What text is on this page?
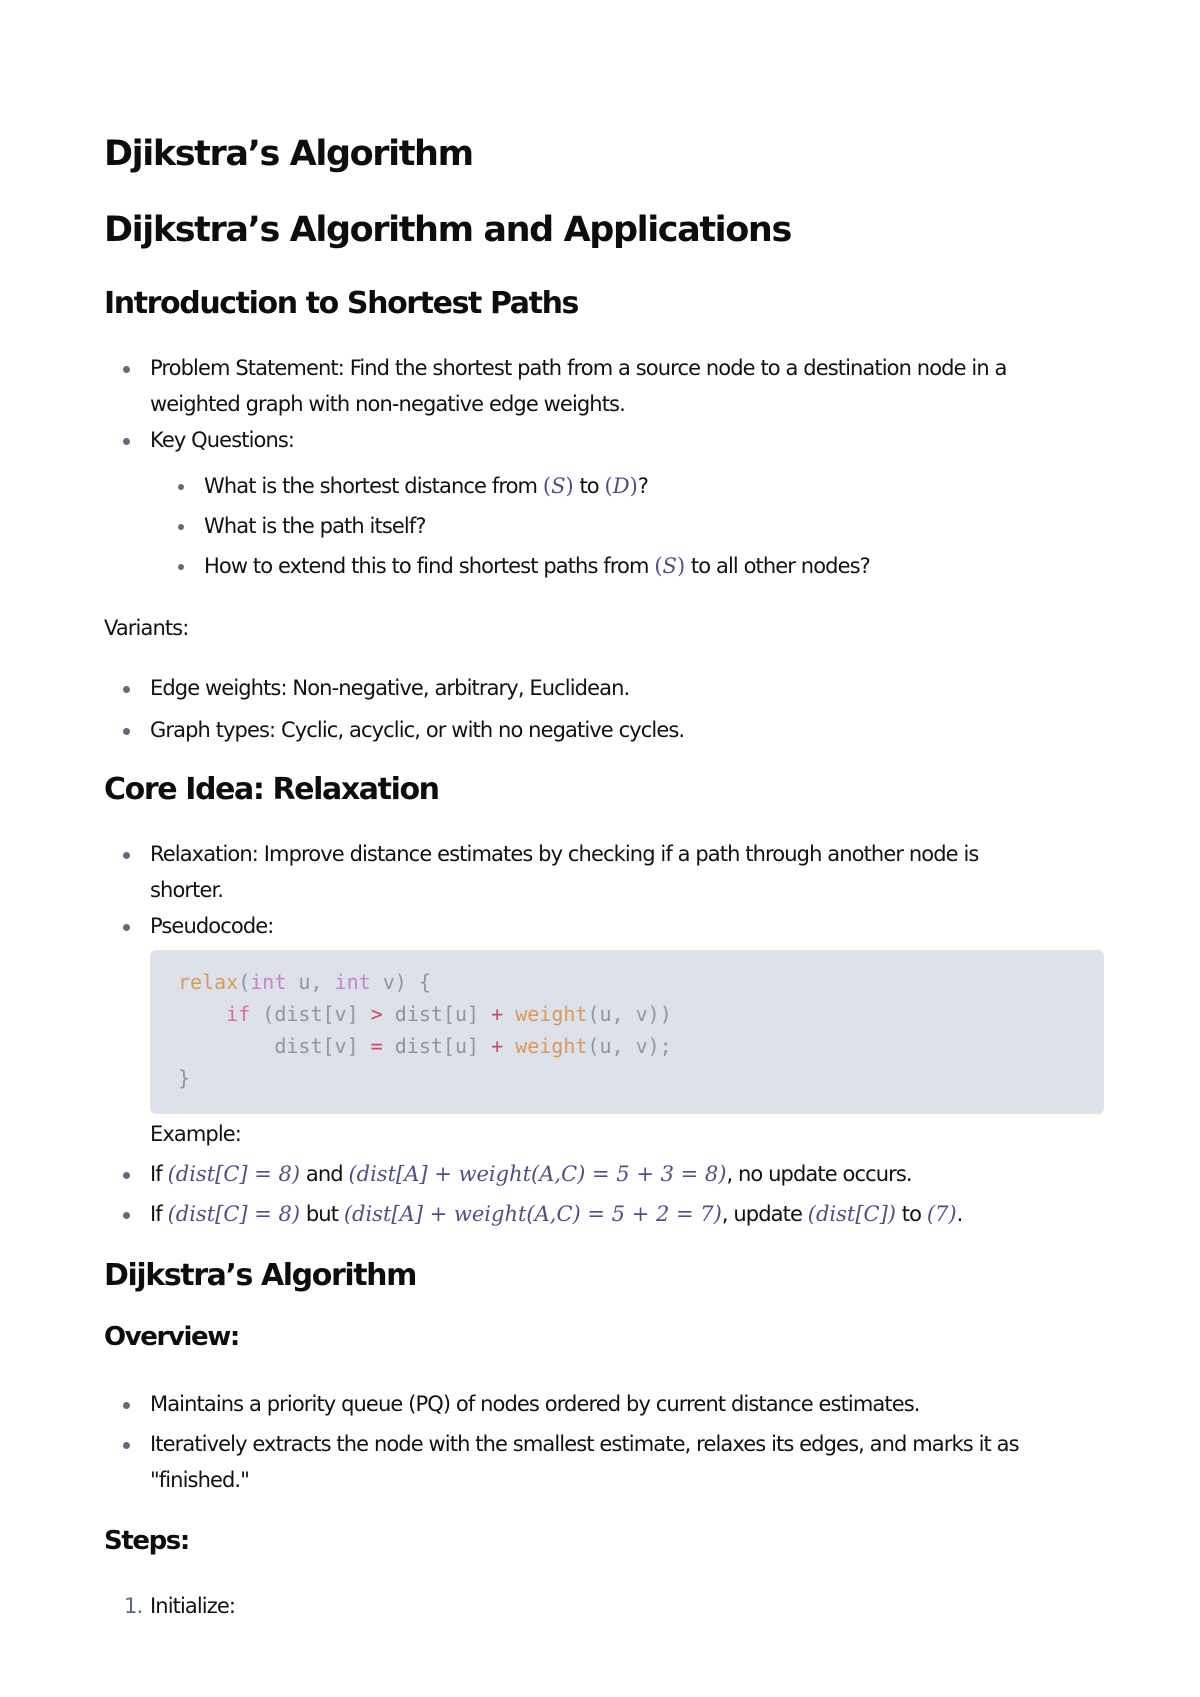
Djikstra’s Algorithm
Dijkstra’s Algorithm and Applications
Introduction to Shortest Paths
Problem Statement: Find the shortest path from a source node to a destination node in a
weighted graph with non-negative edge weights.
Key Questions:
What is the shortest distance from (S) to (D)?
What is the path itself?
How to extend this to find shortest paths from (S) to all other nodes?

Variants:

Edge weights: Non-negative, arbitrary, Euclidean.
Graph types: Cyclic, acyclic, or with no negative cycles.
Core Idea: Relaxation
Relaxation: Improve distance estimates by checking if a path through another node is
shorter.
Pseudocode:
relax(int u, int v) {
if (dist[v] > dist[u] + weight(u, v))
dist[v] = dist[u] + weight(u, v);
}

Example:

If (dist[C] = 8) and (dist[A] + weight(A,C) = 5 + 3 = 8), no update occurs.
If (dist[C] = 8) but (dist[A] + weight(A,C) = 5 + 2 = 7), update (dist[C]) to (7).
Dijkstra’s Algorithm
Overview:
Maintains a priority queue (PQ) of nodes ordered by current distance estimates.
Iteratively extracts the node with the smallest estimate, relaxes its edges, and marks it as
"finished."
Steps:
1. Initialize:
